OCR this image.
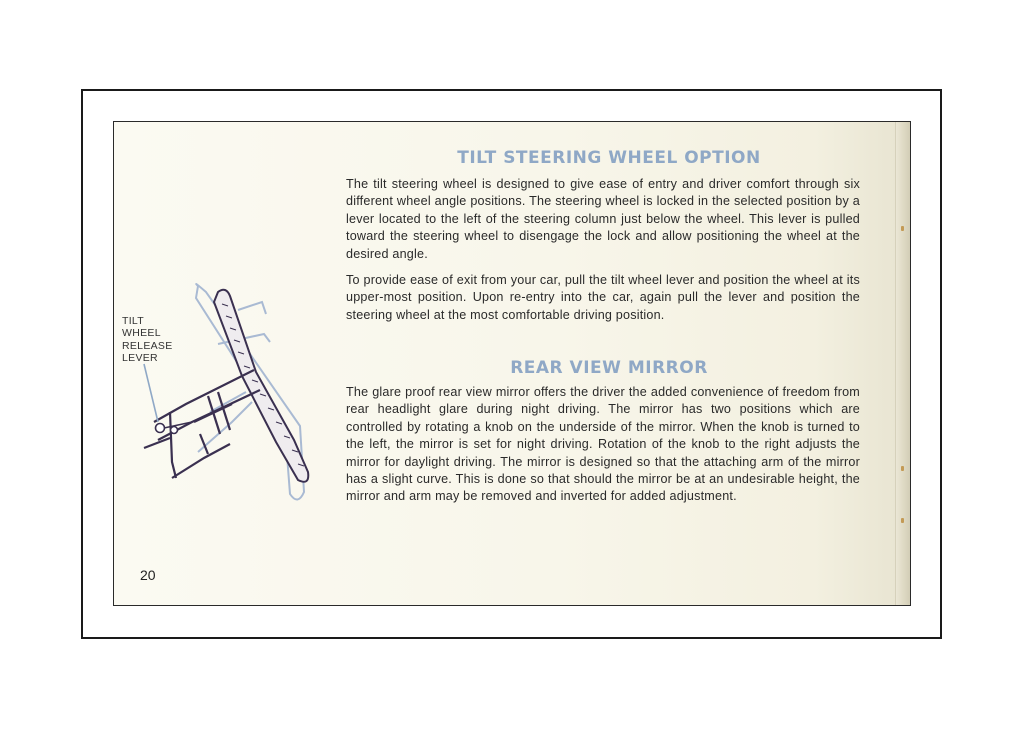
TILT STEERING WHEEL OPTION

The tilt steering wheel is designed to give ease of entry and driver comfort through six different wheel angle positions. The steering wheel is locked in the selected position by a lever located to the left of the steering column just below the wheel. This lever is pulled toward the steering wheel to disengage the lock and allow positioning the wheel at the desired angle.

To provide ease of exit from your car, pull the tilt wheel lever and position the wheel at its upper-most position. Upon re-entry into the car, again pull the lever and position the steering wheel at the most comfortable driving position.

REAR VIEW MIRROR

The glare proof rear view mirror offers the driver the added convenience of freedom from rear headlight glare during night driving. The mirror has two positions which are controlled by rotating a knob on the underside of the mirror. When the knob is turned to the left, the mirror is set for night driving. Rotation of the knob to the right adjusts the mirror for daylight driving. The mirror is designed so that the attaching arm of the mirror has a slight curve. This is done so that should the mirror be at an undesirable height, the mirror and arm may be removed and inverted for added adjustment.

TILT
WHEEL
RELEASE
LEVER
20
